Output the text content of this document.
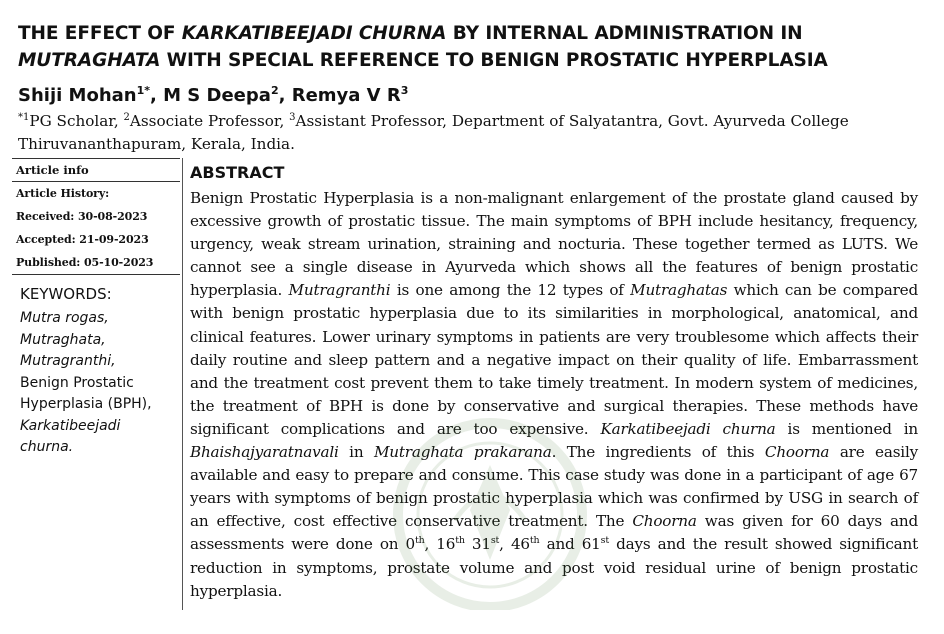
THE EFFECT OF KARKATIBEEJADI CHURNA BY INTERNAL ADMINISTRATION IN
MUTRAGHATA WITH SPECIAL REFERENCE TO BENIGN PROSTATIC HYPERPLASIA
Shiji Mohan$^{1*}$, M S Deepa$^2$, Remya V $R^3$
$^{*1}$PG Scholar, $^2$Associate Professor, $^3$Assistant Professor, Department of Salyatantra, Govt. Ayurveda College Thiruvananthapuram, Kerala, India.
Article info
Article History:
Received: 30-08-2023
Accepted: 21-09-2023
Published: 05-10-2023
KEYWORDS:
Mutra rogas,
Mutraghata,
Mutragranthi,
Benign Prostatic
Hyperplasia (BPH),
Karkatibeejadi
churna.
ABSTRACT
Benign Prostatic Hyperplasia is a non-malignant enlargement of the prostate gland caused by excessive growth of prostatic tissue. The main symptoms of BPH include hesitancy, frequency, urgency, weak stream urination, straining and nocturia. These together termed as LUTS. We cannot see a single disease in Ayurveda which shows all the features of benign prostatic hyperplasia. Mutragranthi is one among the 12 types of Mutraghatas which can be compared with benign prostatic hyperplasia due to its similarities in morphological, anatomical, and clinical features. Lower urinary symptoms in patients are very troublesome which affects their daily routine and sleep pattern and a negative impact on their quality of life. Embarrassment and the treatment cost prevent them to take timely treatment. In modern system of medicines, the treatment of BPH is done by conservative and surgical therapies. These methods have significant complications and are too expensive. Karkatibeejadi churna is mentioned in Bhaishajyaratnavali in Mutraghata prakarana. The ingredients of this Choorna are easily available and easy to prepare and consume. This case study was done in a participant of age 67 years with symptoms of benign prostatic hyperplasia which was confirmed by USG in search of an effective, cost effective conservative treatment. The Choorna was given for 60 days and assessments were done on 0th, 16th 31st, 46th and 61st days and the result showed significant reduction in symptoms, prostate volume and post void residual urine of benign prostatic hyperplasia.
